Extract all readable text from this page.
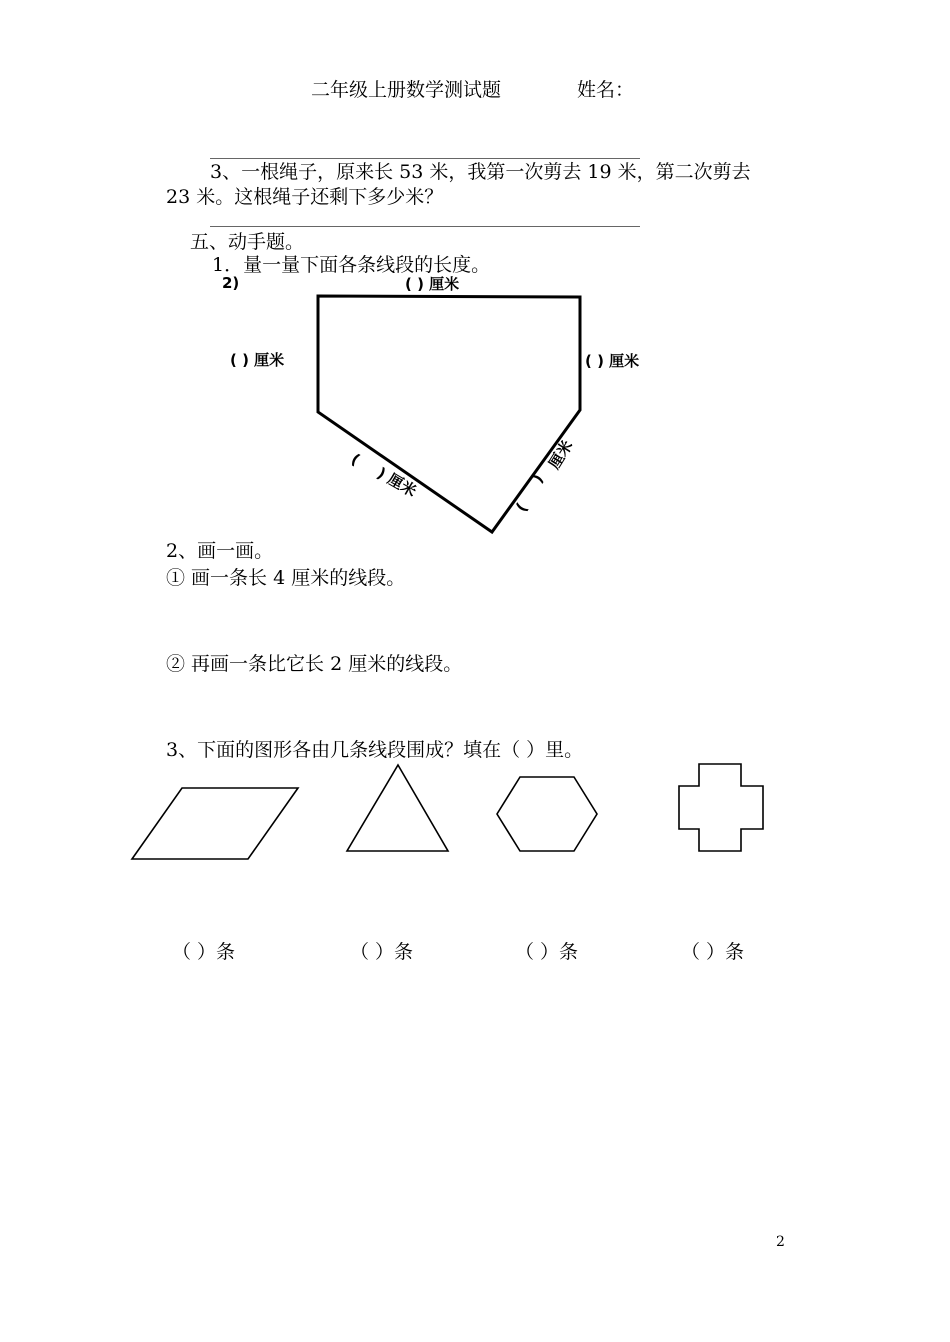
二年级上册数学测试题	姓名：
3、一根绳子，原来长 53 米，我第一次剪去 19 米，第二次剪去
23 米。这根绳子还剩下多少米？
五、动手题。
1．量一量下面各条线段的长度。
2)	( ) 厘米
( ) 厘米	( ) 厘米
(
) 厘米
厘米
)
(
2、画一画。
① 画一条长 4 厘米的线段。
② 再画一条比它长 2 厘米的线段。
3、下面的图形各由几条线段围成？填在（ ）里。
（ ）条	（ ）条	（ ）条	（ ）条
2
